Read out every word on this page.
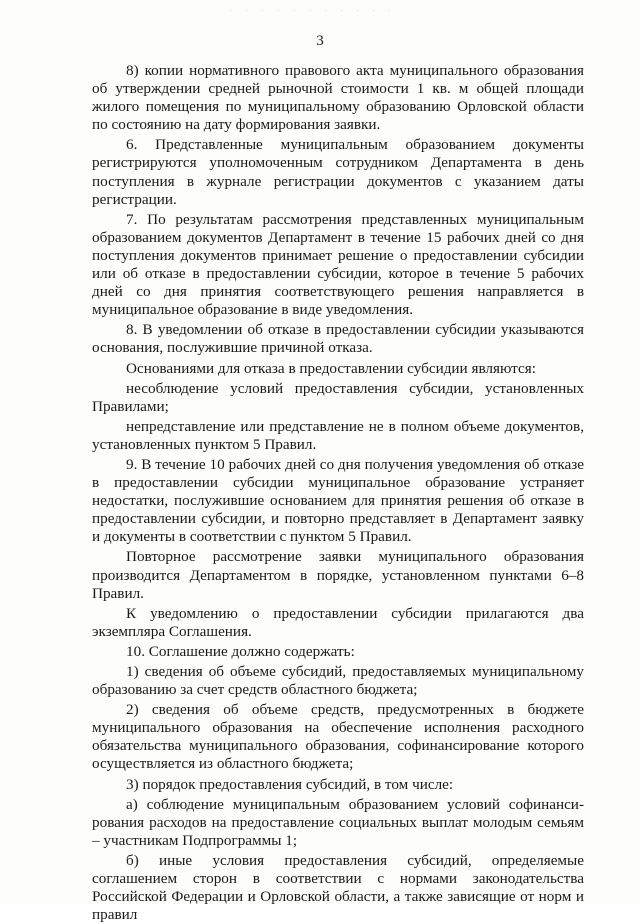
· · · · · · · · · · ·
3

8) копии нормативного правового акта муниципального образования об утверждении средней рыночной стоимости 1 кв. м общей площади жилого помещения по муниципальному образованию Орловской области по состоянию на дату формирования заявки.

6. Представленные муниципальным образованием документы регистрируются уполномоченным сотрудником Департамента в день поступления в журнале регистрации документов с указанием даты регистрации.

7. По результатам рассмотрения представленных муниципальным образованием документов Департамент в течение 15 рабочих дней со дня поступления документов принимает решение о предоставлении субсидии или об отказе в предоставлении субсидии, которое в течение 5 рабочих дней со дня принятия соответствующего решения направляется в муниципальное образование в виде уведомления.

8. В уведомлении об отказе в предоставлении субсидии указываются основания, послужившие причиной отказа.

Основаниями для отказа в предоставлении субсидии являются:

несоблюдение условий предоставления субсидии, установленных Правилами;

непредставление или представление не в полном объеме документов, установленных пунктом 5 Правил.

9. В течение 10 рабочих дней со дня получения уведомления об отказе в предоставлении субсидии муниципальное образование устраняет недостатки, послужившие основанием для принятия решения об отказе в предоставлении субсидии, и повторно представляет в Департамент заявку и документы в соответствии с пунктом 5 Правил.

Повторное рассмотрение заявки муниципального образования производится Департаментом в порядке, установленном пунктами 6–8 Правил.

К уведомлению о предоставлении субсидии прилагаются два экземпляра Соглашения.

10. Соглашение должно содержать:

1) сведения об объеме субсидий, предоставляемых муниципальному образованию за счет средств областного бюджета;

2) сведения об объеме средств, предусмотренных в бюджете муниципального образования на обеспечение исполнения расходного обязательства муниципального образования, софинансирование которого осуществляется из областного бюджета;

3) порядок предоставления субсидий, в том числе:

а) соблюдение муниципальным образованием условий софинанси-рования расходов на предоставление социальных выплат молодым семьям – участникам Подпрограммы 1;

б) иные условия предоставления субсидий, определяемые соглашением сторон в соответствии с нормами законодательства Российской Федерации и Орловской области, а также зависящие от норм и правил
